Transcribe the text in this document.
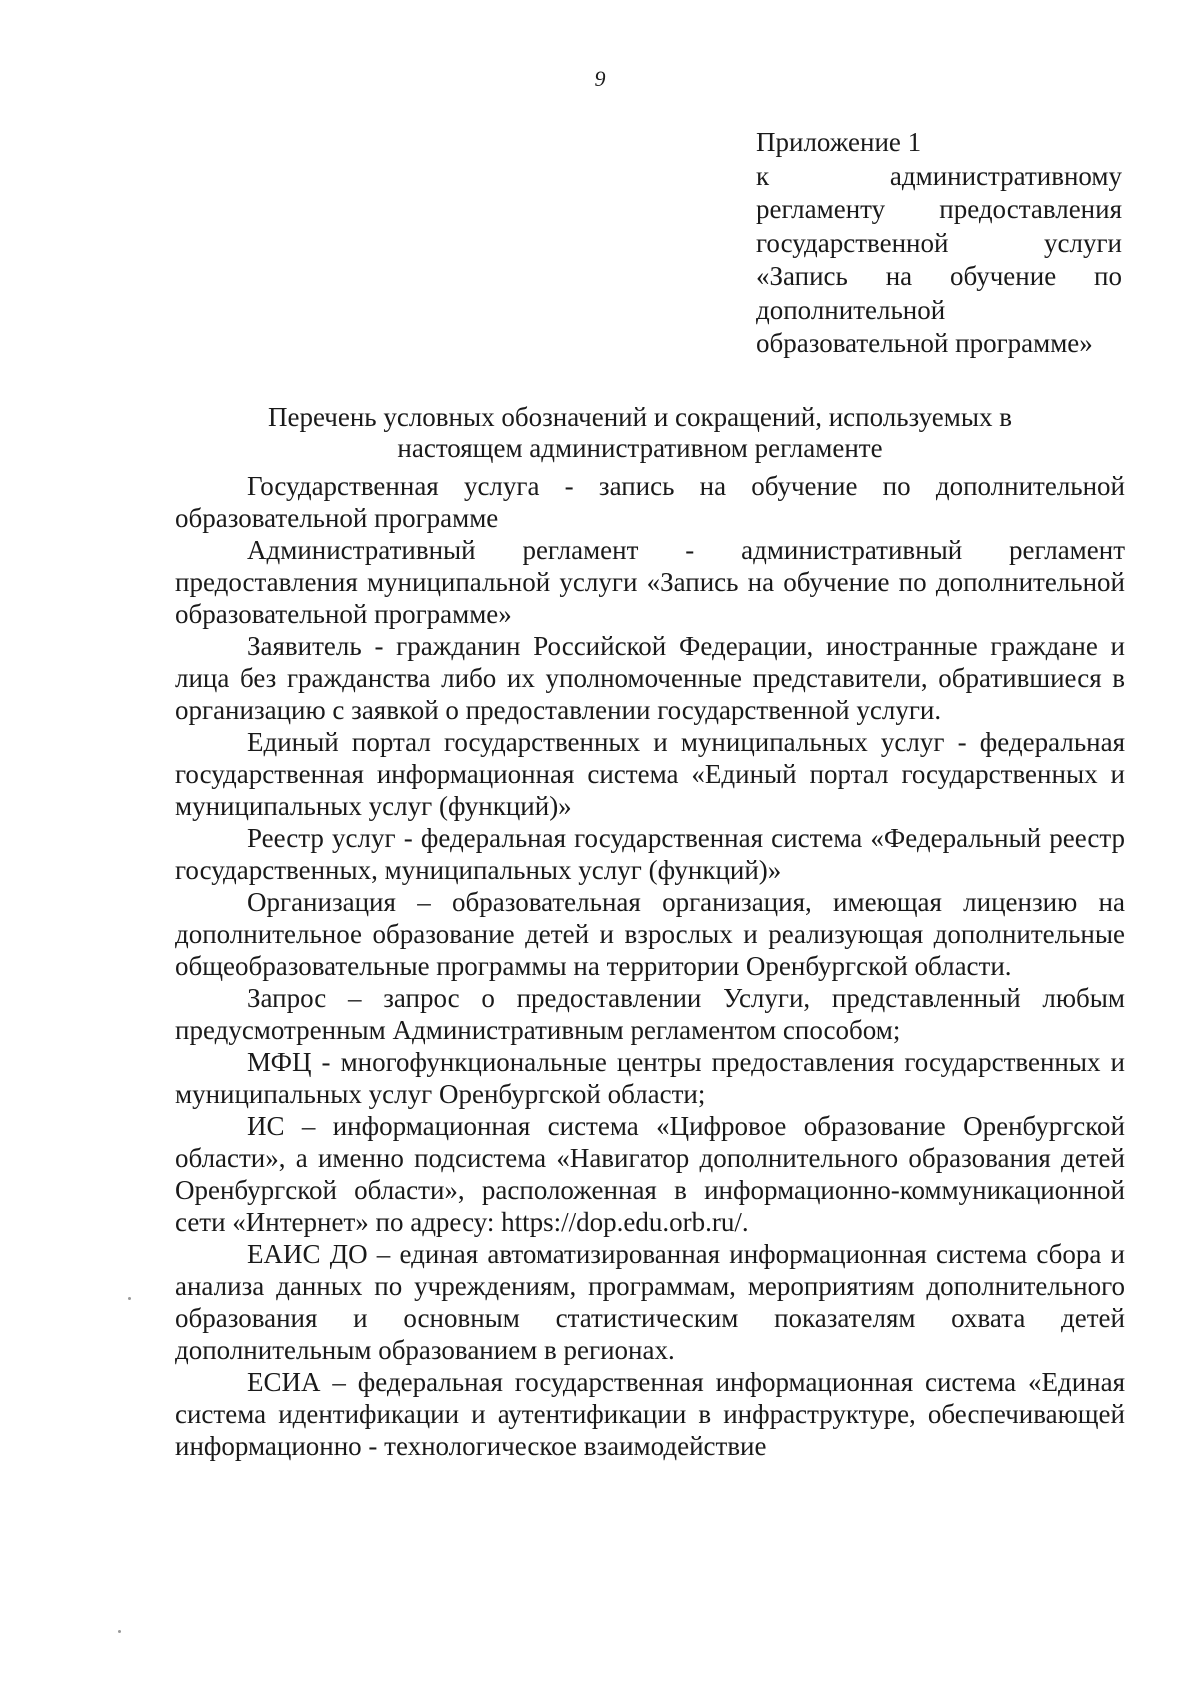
9
Приложение 1
к административному
регламенту предоставления
государственной услуги
«Запись на обучение по
дополнительной
образовательной программе»
Перечень условных обозначений и сокращений, используемых в
настоящем административном регламенте

Государственная услуга - запись на обучение по дополнительной образовательной программе

Административный регламент - административный регламент предоставления муниципальной услуги «Запись на обучение по дополнительной образовательной программе»

Заявитель - гражданин Российской Федерации, иностранные граждане и лица без гражданства либо их уполномоченные представители, обратившиеся в организацию с заявкой о предоставлении государственной услуги.

Единый портал государственных и муниципальных услуг - федеральная государственная информационная система «Единый портал государственных и муниципальных услуг (функций)»

Реестр услуг - федеральная государственная система «Федеральный реестр государственных, муниципальных услуг (функций)»

Организация – образовательная организация, имеющая лицензию на дополнительное образование детей и взрослых и реализующая дополнительные общеобразовательные программы на территории Оренбургской области.

Запрос – запрос о предоставлении Услуги, представленный любым предусмотренным Административным регламентом способом;

МФЦ - многофункциональные центры предоставления государственных и муниципальных услуг Оренбургской области;

ИС – информационная система «Цифровое образование Оренбургской области», а именно подсистема «Навигатор дополнительного образования детей Оренбургской области», расположенная в информационно-коммуникационной сети «Интернет» по адресу: https://dop.edu.orb.ru/.

ЕАИС ДО – единая автоматизированная информационная система сбора и анализа данных по учреждениям, программам, мероприятиям дополнительного образования и основным статистическим показателям охвата детей дополнительным образованием в регионах.

ЕСИА – федеральная государственная информационная система «Единая система идентификации и аутентификации в инфраструктуре, обеспечивающей информационно - технологическое взаимодействие
